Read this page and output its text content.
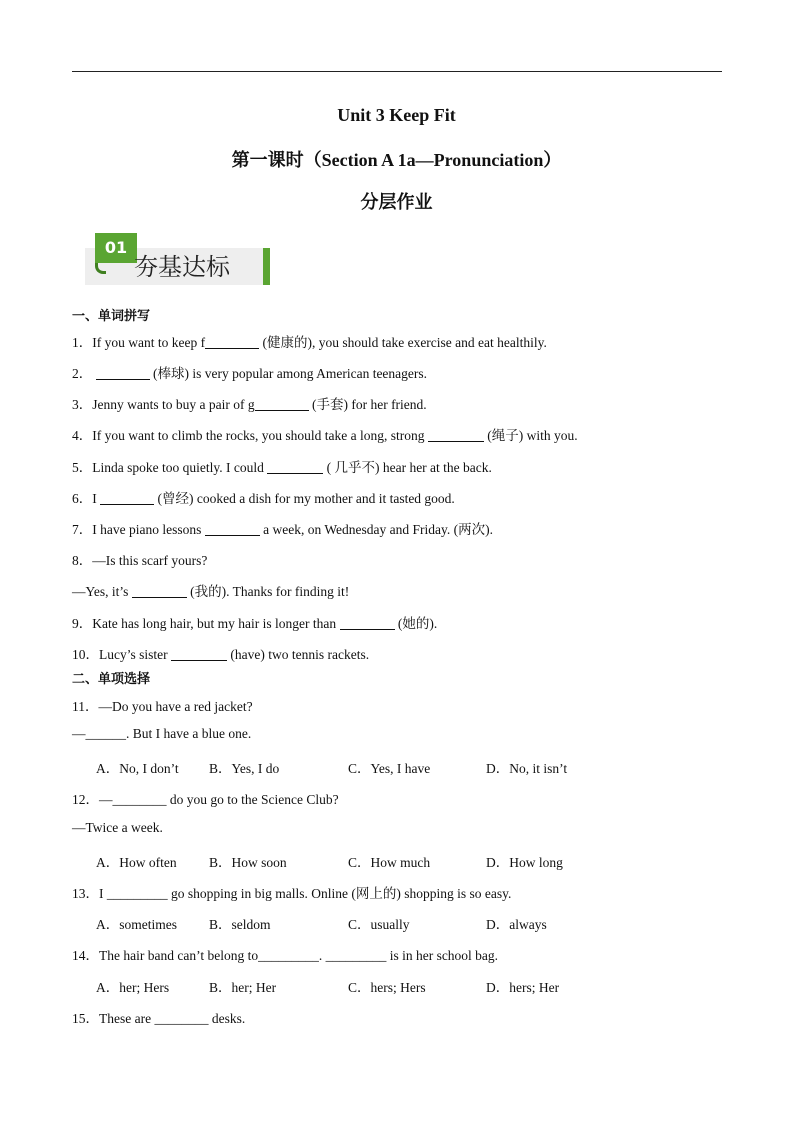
Unit 3 Keep Fit
第一课时（Section A 1a—Pronunciation）
分层作业
01
夯基达标
一、单词拼写
1．If you want to keep f	(健康的), you should take exercise and eat healthily.
2．	(棒球) is very popular among American teenagers.
3．Jenny wants to buy a pair of g	(手套) for her friend.
4．If you want to climb the rocks, you should take a long, strong	(绳子) with you.
5．Linda spoke too quietly. I could	( 几乎不) hear her at the back.
6．I	(曾经) cooked a dish for my mother and it tasted good.
7．I have piano lessons	a week, on Wednesday and Friday. (两次).
8．—Is this scarf yours?
—Yes, it’s	(我的). Thanks for finding it!
9．Kate has long hair, but my hair is longer than	(她的).
10．Lucy’s sister	(have) two tennis rackets.
二、单项选择
11．—Do you have a red jacket?
—______. But I have a blue one.
A．No, I don’t B．Yes, I do	C．Yes, I have	D．No, it isn’t
12．—________ do you go to the Science Club?
—Twice a week.
A．How often B．How soon	C．How much	D．How long
13．I _________ go shopping in big malls. Online (网上的) shopping is so easy.
A．sometimes B．seldom	C．usually	D．always
14．The hair band can’t belong to_________. _________ is in her school bag.
A．her; Hers	B．her; Her	C．hers; Hers	D．hers; Her
15．These are ________ desks.
